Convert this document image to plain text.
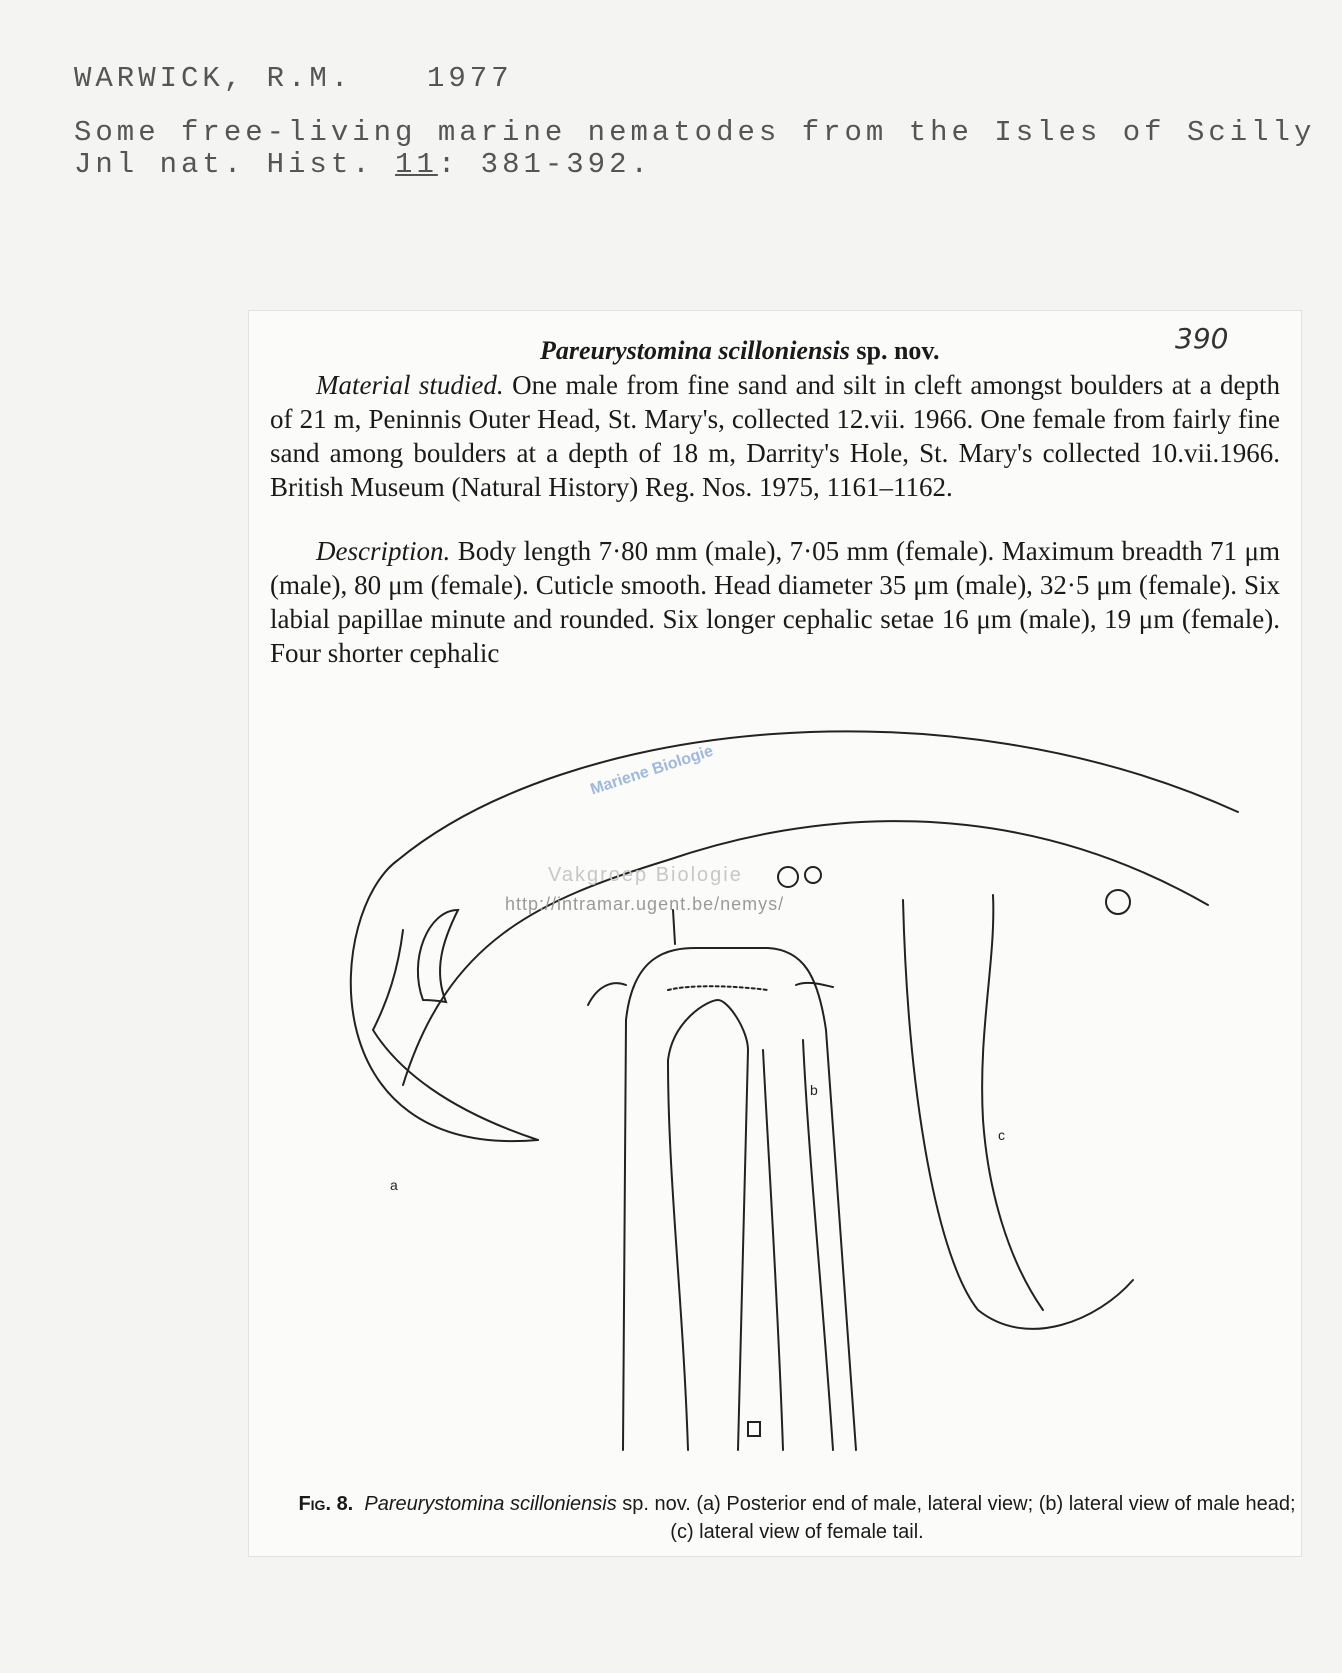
WARWICK, R.M.	1977
Some free-living marine nematodes from the Isles of Scilly
Jnl nat. Hist. 11: 381-392.
390
Pareurystomina scilloniensis sp. nov.
Material studied. One male from fine sand and silt in cleft amongst boulders at a depth of 21 m, Peninnis Outer Head, St. Mary's, collected 12.vii. 1966. One female from fairly fine sand among boulders at a depth of 18 m, Darrity's Hole, St. Mary's collected 10.vii.1966. British Museum (Natural History) Reg. Nos. 1975, 1161–1162.
Description. Body length 7·80 mm (male), 7·05 mm (female). Maximum breadth 71 μm (male), 80 μm (female). Cuticle smooth. Head diameter 35 μm (male), 32·5 μm (female). Six labial papillae minute and rounded. Six longer cephalic setae 16 μm (male), 19 μm (female). Four shorter cephalic
a
b
c
Mariene Biologie
Vakgroep Biologie
http://intramar.ugent.be/nemys/
Fig. 8. Pareurystomina scilloniensis sp. nov. (a) Posterior end of male, lateral view; (b) lateral view of male head; (c) lateral view of female tail.
